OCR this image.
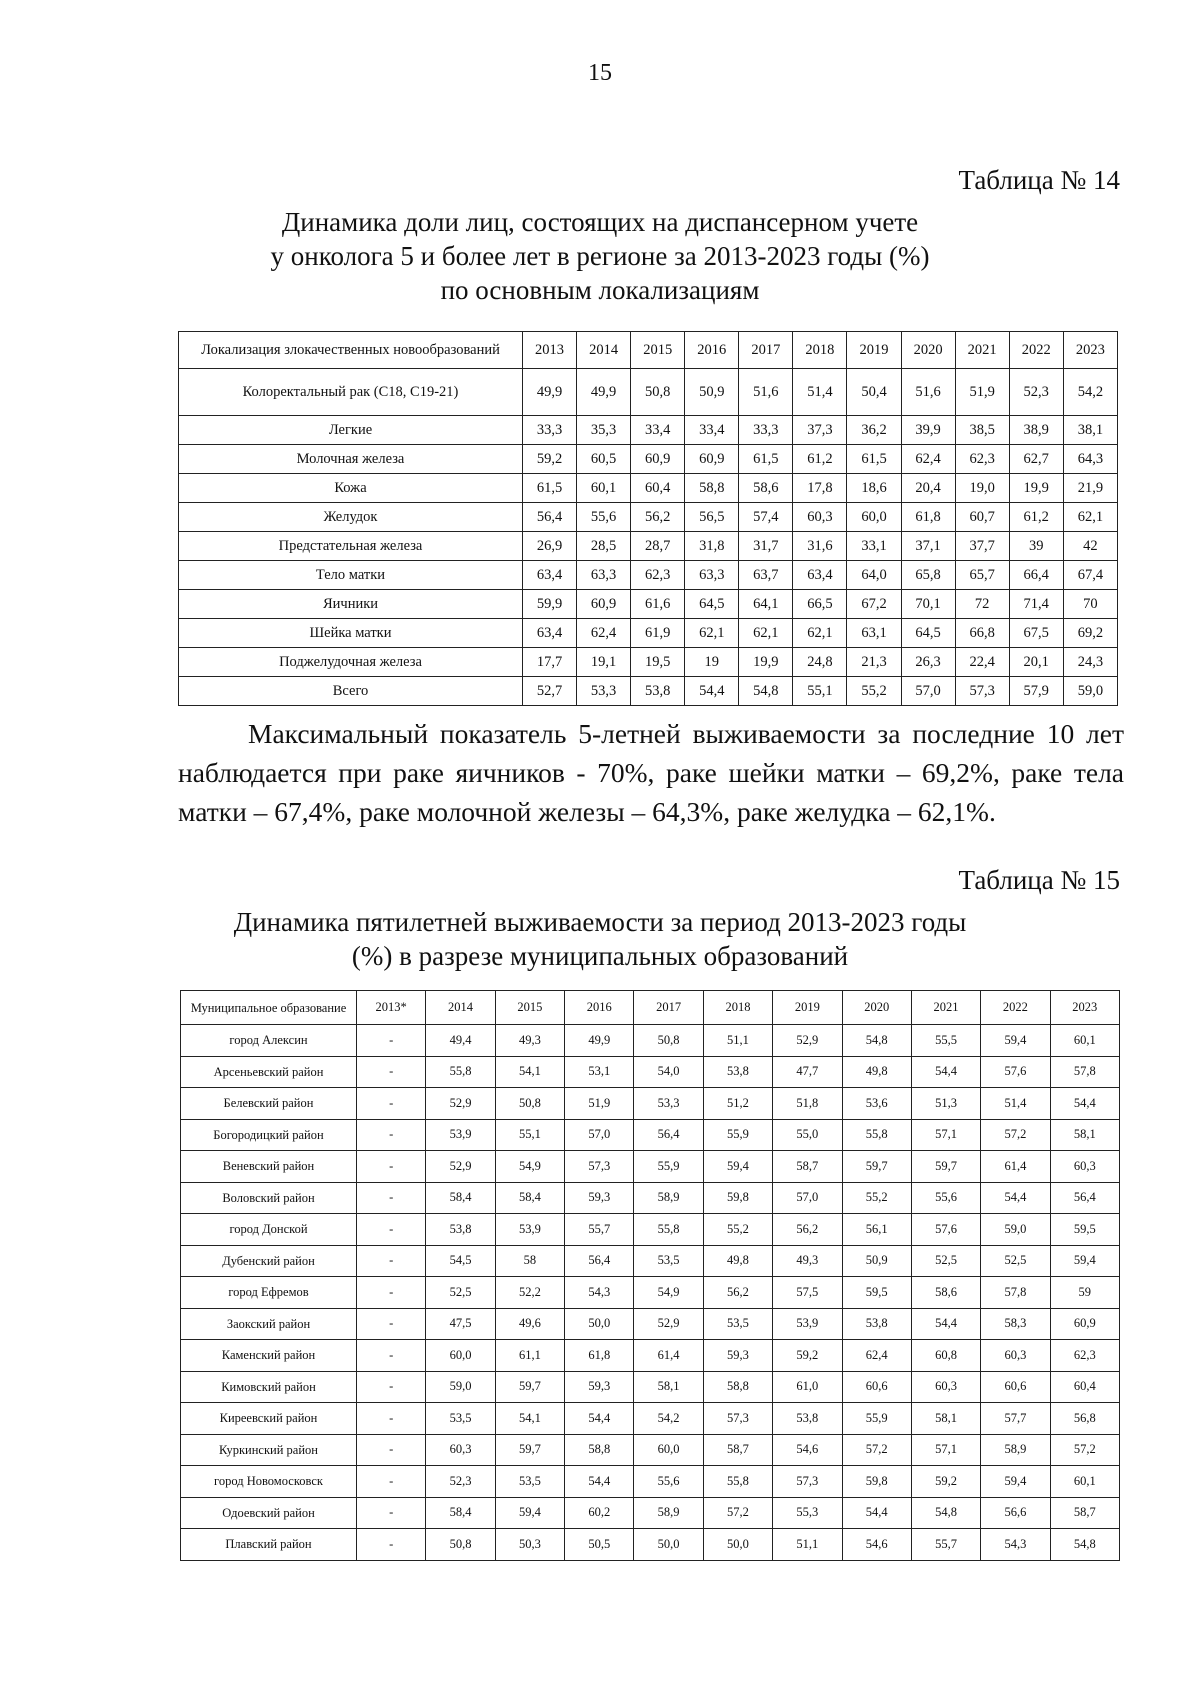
15
Таблица № 14
Динамика доли лиц, состоящих на диспансерном учете
у онколога 5 и более лет в регионе за 2013-2023 годы (%)
по основным локализациям
Локализация злокачественных новообразований	2013	2014	2015	2016	2017	2018	2019	2020	2021	2022	2023
Колоректальный рак (С18, С19-21)	49,9	49,9	50,8	50,9	51,6	51,4	50,4	51,6	51,9	52,3	54,2
Легкие	33,3	35,3	33,4	33,4	33,3	37,3	36,2	39,9	38,5	38,9	38,1
Молочная железа	59,2	60,5	60,9	60,9	61,5	61,2	61,5	62,4	62,3	62,7	64,3
Кожа	61,5	60,1	60,4	58,8	58,6	17,8	18,6	20,4	19,0	19,9	21,9
Желудок	56,4	55,6	56,2	56,5	57,4	60,3	60,0	61,8	60,7	61,2	62,1
Предстательная железа	26,9	28,5	28,7	31,8	31,7	31,6	33,1	37,1	37,7	39	42
Тело матки	63,4	63,3	62,3	63,3	63,7	63,4	64,0	65,8	65,7	66,4	67,4
Яичники	59,9	60,9	61,6	64,5	64,1	66,5	67,2	70,1	72	71,4	70
Шейка матки	63,4	62,4	61,9	62,1	62,1	62,1	63,1	64,5	66,8	67,5	69,2
Поджелудочная железа	17,7	19,1	19,5	19	19,9	24,8	21,3	26,3	22,4	20,1	24,3
Всего	52,7	53,3	53,8	54,4	54,8	55,1	55,2	57,0	57,3	57,9	59,0
Максимальный показатель 5-летней выживаемости за последние 10 лет наблюдается при раке яичников - 70%, раке шейки матки – 69,2%, раке тела матки – 67,4%, раке молочной железы – 64,3%, раке желудка – 62,1%.
Таблица № 15
Динамика пятилетней выживаемости за период 2013-2023 годы
(%) в разрезе муниципальных образований
Муниципальное образование	2013*	2014	2015	2016	2017	2018	2019	2020	2021	2022	2023
город Алексин	-	49,4	49,3	49,9	50,8	51,1	52,9	54,8	55,5	59,4	60,1
Арсеньевский район	-	55,8	54,1	53,1	54,0	53,8	47,7	49,8	54,4	57,6	57,8
Белевский район	-	52,9	50,8	51,9	53,3	51,2	51,8	53,6	51,3	51,4	54,4
Богородицкий район	-	53,9	55,1	57,0	56,4	55,9	55,0	55,8	57,1	57,2	58,1
Веневский район	-	52,9	54,9	57,3	55,9	59,4	58,7	59,7	59,7	61,4	60,3
Воловский район	-	58,4	58,4	59,3	58,9	59,8	57,0	55,2	55,6	54,4	56,4
город Донской	-	53,8	53,9	55,7	55,8	55,2	56,2	56,1	57,6	59,0	59,5
Дубенский район	-	54,5	58	56,4	53,5	49,8	49,3	50,9	52,5	52,5	59,4
город Ефремов	-	52,5	52,2	54,3	54,9	56,2	57,5	59,5	58,6	57,8	59
Заокский район	-	47,5	49,6	50,0	52,9	53,5	53,9	53,8	54,4	58,3	60,9
Каменский район	-	60,0	61,1	61,8	61,4	59,3	59,2	62,4	60,8	60,3	62,3
Кимовский район	-	59,0	59,7	59,3	58,1	58,8	61,0	60,6	60,3	60,6	60,4
Киреевский район	-	53,5	54,1	54,4	54,2	57,3	53,8	55,9	58,1	57,7	56,8
Куркинский район	-	60,3	59,7	58,8	60,0	58,7	54,6	57,2	57,1	58,9	57,2
город Новомосковск	-	52,3	53,5	54,4	55,6	55,8	57,3	59,8	59,2	59,4	60,1
Одоевский район	-	58,4	59,4	60,2	58,9	57,2	55,3	54,4	54,8	56,6	58,7
Плавский район	-	50,8	50,3	50,5	50,0	50,0	51,1	54,6	55,7	54,3	54,8
